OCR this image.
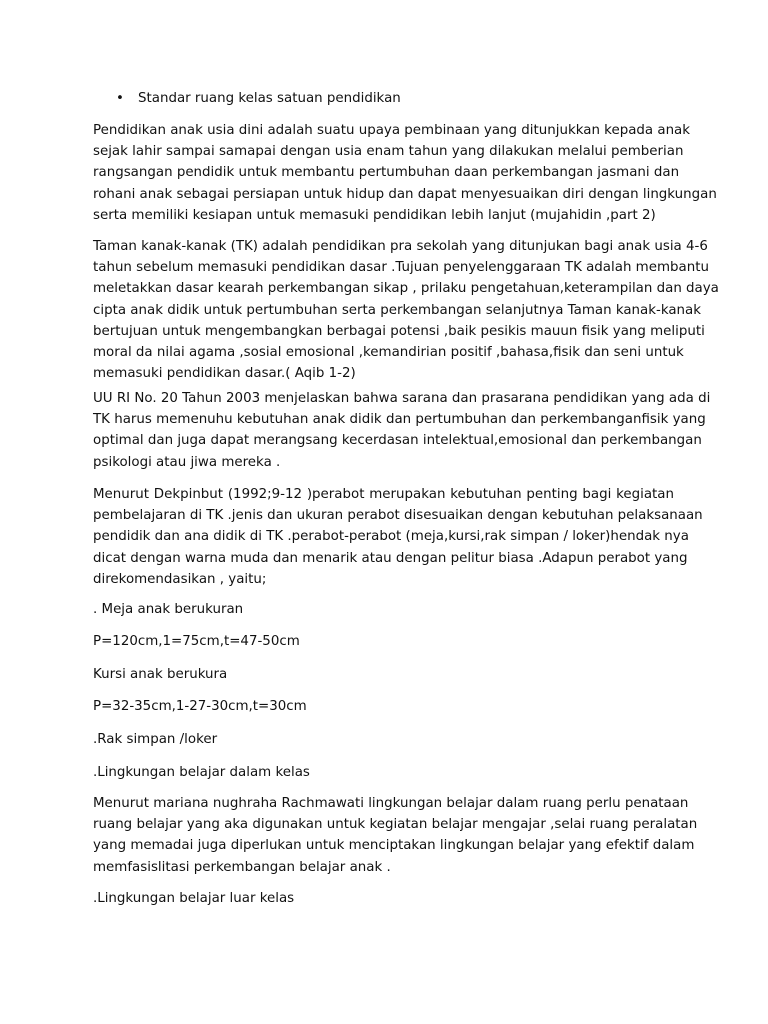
• Standar ruang kelas satuan pendidikan
Pendidikan anak usia dini adalah suatu upaya pembinaan yang ditunjukkan kepada anak
sejak lahir sampai samapai dengan usia enam tahun yang dilakukan melalui pemberian
rangsangan pendidik untuk membantu pertumbuhan daan perkembangan jasmani dan
rohani anak sebagai persiapan untuk hidup dan dapat menyesuaikan diri dengan lingkungan
serta memiliki kesiapan untuk memasuki pendidikan lebih lanjut (mujahidin ,part 2)
Taman kanak-kanak (TK) adalah pendidikan pra sekolah yang ditunjukan bagi anak usia 4-6
tahun sebelum memasuki pendidikan dasar .Tujuan penyelenggaraan TK adalah membantu
meletakkan dasar kearah perkembangan sikap , prilaku pengetahuan,keterampilan dan daya
cipta anak didik untuk pertumbuhan serta perkembangan selanjutnya Taman kanak-kanak
bertujuan untuk mengembangkan berbagai potensi ,baik pesikis mauun fisik yang meliputi
moral da nilai agama ,sosial emosional ,kemandirian positif ,bahasa,fisik dan seni untuk
memasuki pendidikan dasar.( Aqib 1-2)
UU RI No. 20 Tahun 2003 menjelaskan bahwa sarana dan prasarana pendidikan yang ada di
TK harus memenuhu kebutuhan anak didik dan pertumbuhan dan perkembanganfisik yang
optimal dan juga dapat merangsang kecerdasan intelektual,emosional dan perkembangan
psikologi atau jiwa mereka .
Menurut Dekpinbut (1992;9-12 )perabot merupakan kebutuhan penting bagi kegiatan
pembelajaran di TK .jenis dan ukuran perabot disesuaikan dengan kebutuhan pelaksanaan
pendidik dan ana didik di TK .perabot-perabot (meja,kursi,rak simpan / loker)hendak nya
dicat dengan warna muda dan menarik atau dengan pelitur biasa .Adapun perabot yang
direkomendasikan , yaitu;
. Meja anak berukuran
P=120cm,1=75cm,t=47-50cm
Kursi anak berukura
P=32-35cm,1-27-30cm,t=30cm
.Rak simpan /loker
.Lingkungan belajar dalam kelas
Menurut mariana nughraha Rachmawati lingkungan belajar dalam ruang perlu penataan
ruang belajar yang aka digunakan untuk kegiatan belajar mengajar ,selai ruang peralatan
yang memadai juga diperlukan untuk menciptakan lingkungan belajar yang efektif dalam
memfasislitasi perkembangan belajar anak .
.Lingkungan belajar luar kelas
